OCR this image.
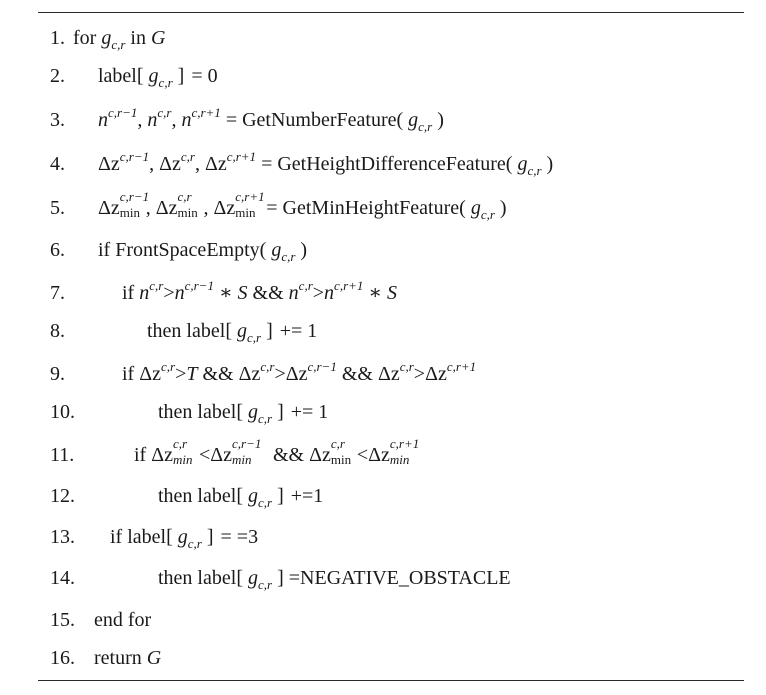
1. for $g_{c,r}$ in G
2. label[ $g_{c,r}$ ] = 0
3. $n^{c,r-1}$, $n^{c,r}$, $n^{c,r+1}$ = GetNumberFeature( $g_{c,r}$ )
4. $\Delta z^{c,r-1}$, Δz$^{c,r}$, $\Delta z^{c,r+1}$ = GetHeightDifferenceFeature( $g_{c,r}$ )
5. Δz
c,r−1
min , Δz
c,r
min , Δz
c,r+1
min = GetMinHeightFeature( $g_{c,r}$ )
6. if FrontSpaceEmpty( $g_{c,r}$ )
7.	if $n^{c,r}>n^{c,r-1}$ ∗ S && $n^{c,r}>n^{c,r+1}$ ∗ S
8.	then label[ $g_{c,r}$ ] += 1
9.	if Δz$^{c,r}$>T && $\Delta z^{c,r}>\Delta z^{c,r-1}$ && $\Delta z^{c,r}>\Delta z^{c,r+1}$
10.	then label[ $g_{c,r}$ ] += 1
11.	if Δz
c,r
min <Δz
c,r−1
min && Δz
c,r
min <Δz
c,r+1
min
12.	then label[ $g_{c,r}$ ] +=1
13. if label[ $g_{c,r}$ ] = =3
14.	then label[ $g_{c,r}$ ] =NEGATIVE_OBSTACLE
15. end for
16. return G
